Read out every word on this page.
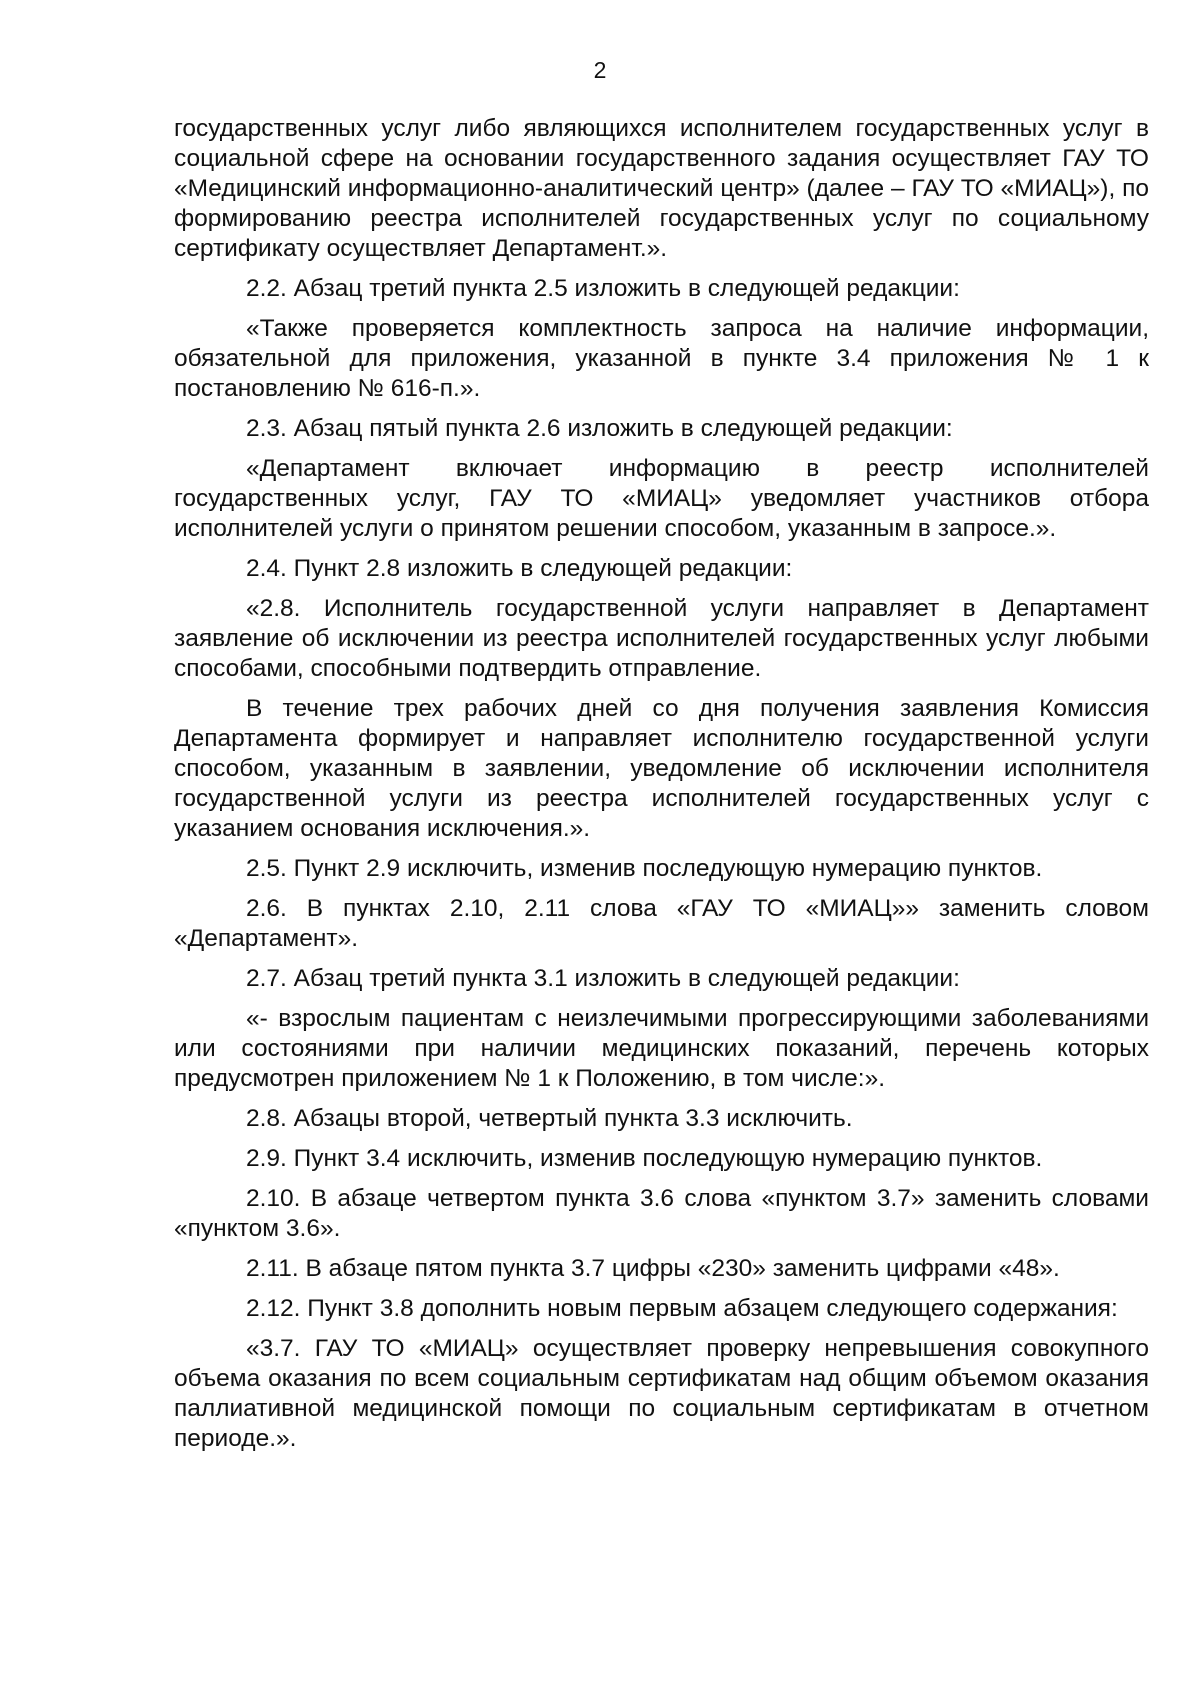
2

государственных услуг либо являющихся исполнителем государственных услуг в социальной сфере на основании государственного задания осуществляет ГАУ ТО «Медицинский информационно-аналитический центр» (далее – ГАУ ТО «МИАЦ»), по формированию реестра исполнителей государственных услуг по социальному сертификату осуществляет Департамент.».

2.2. Абзац третий пункта 2.5 изложить в следующей редакции:

«Также проверяется комплектность запроса на наличие информации, обязательной для приложения, указанной в пункте 3.4 приложения № 1 к постановлению № 616-п.».

2.3. Абзац пятый пункта 2.6 изложить в следующей редакции:

«Департамент включает информацию в реестр исполнителей государственных услуг, ГАУ ТО «МИАЦ» уведомляет участников отбора исполнителей услуги о принятом решении способом, указанным в запросе.».

2.4. Пункт 2.8 изложить в следующей редакции:

«2.8. Исполнитель государственной услуги направляет в Департамент заявление об исключении из реестра исполнителей государственных услуг любыми способами, способными подтвердить отправление.

В течение трех рабочих дней со дня получения заявления Комиссия Департамента формирует и направляет исполнителю государственной услуги способом, указанным в заявлении, уведомление об исключении исполнителя государственной услуги из реестра исполнителей государственных услуг с указанием основания исключения.».

2.5. Пункт 2.9 исключить, изменив последующую нумерацию пунктов.

2.6. В пунктах 2.10, 2.11 слова «ГАУ ТО «МИАЦ»» заменить словом «Департамент».

2.7. Абзац третий пункта 3.1 изложить в следующей редакции:

«- взрослым пациентам с неизлечимыми прогрессирующими заболеваниями или состояниями при наличии медицинских показаний, перечень которых предусмотрен приложением № 1 к Положению, в том числе:».

2.8. Абзацы второй, четвертый пункта 3.3 исключить.

2.9. Пункт 3.4 исключить, изменив последующую нумерацию пунктов.

2.10. В абзаце четвертом пункта 3.6 слова «пунктом 3.7» заменить словами «пунктом 3.6».

2.11. В абзаце пятом пункта 3.7 цифры «230» заменить цифрами «48».

2.12. Пункт 3.8 дополнить новым первым абзацем следующего содержания:

«3.7. ГАУ ТО «МИАЦ» осуществляет проверку непревышения совокупного объема оказания по всем социальным сертификатам над общим объемом оказания паллиативной медицинской помощи по социальным сертификатам в отчетном периоде.».
